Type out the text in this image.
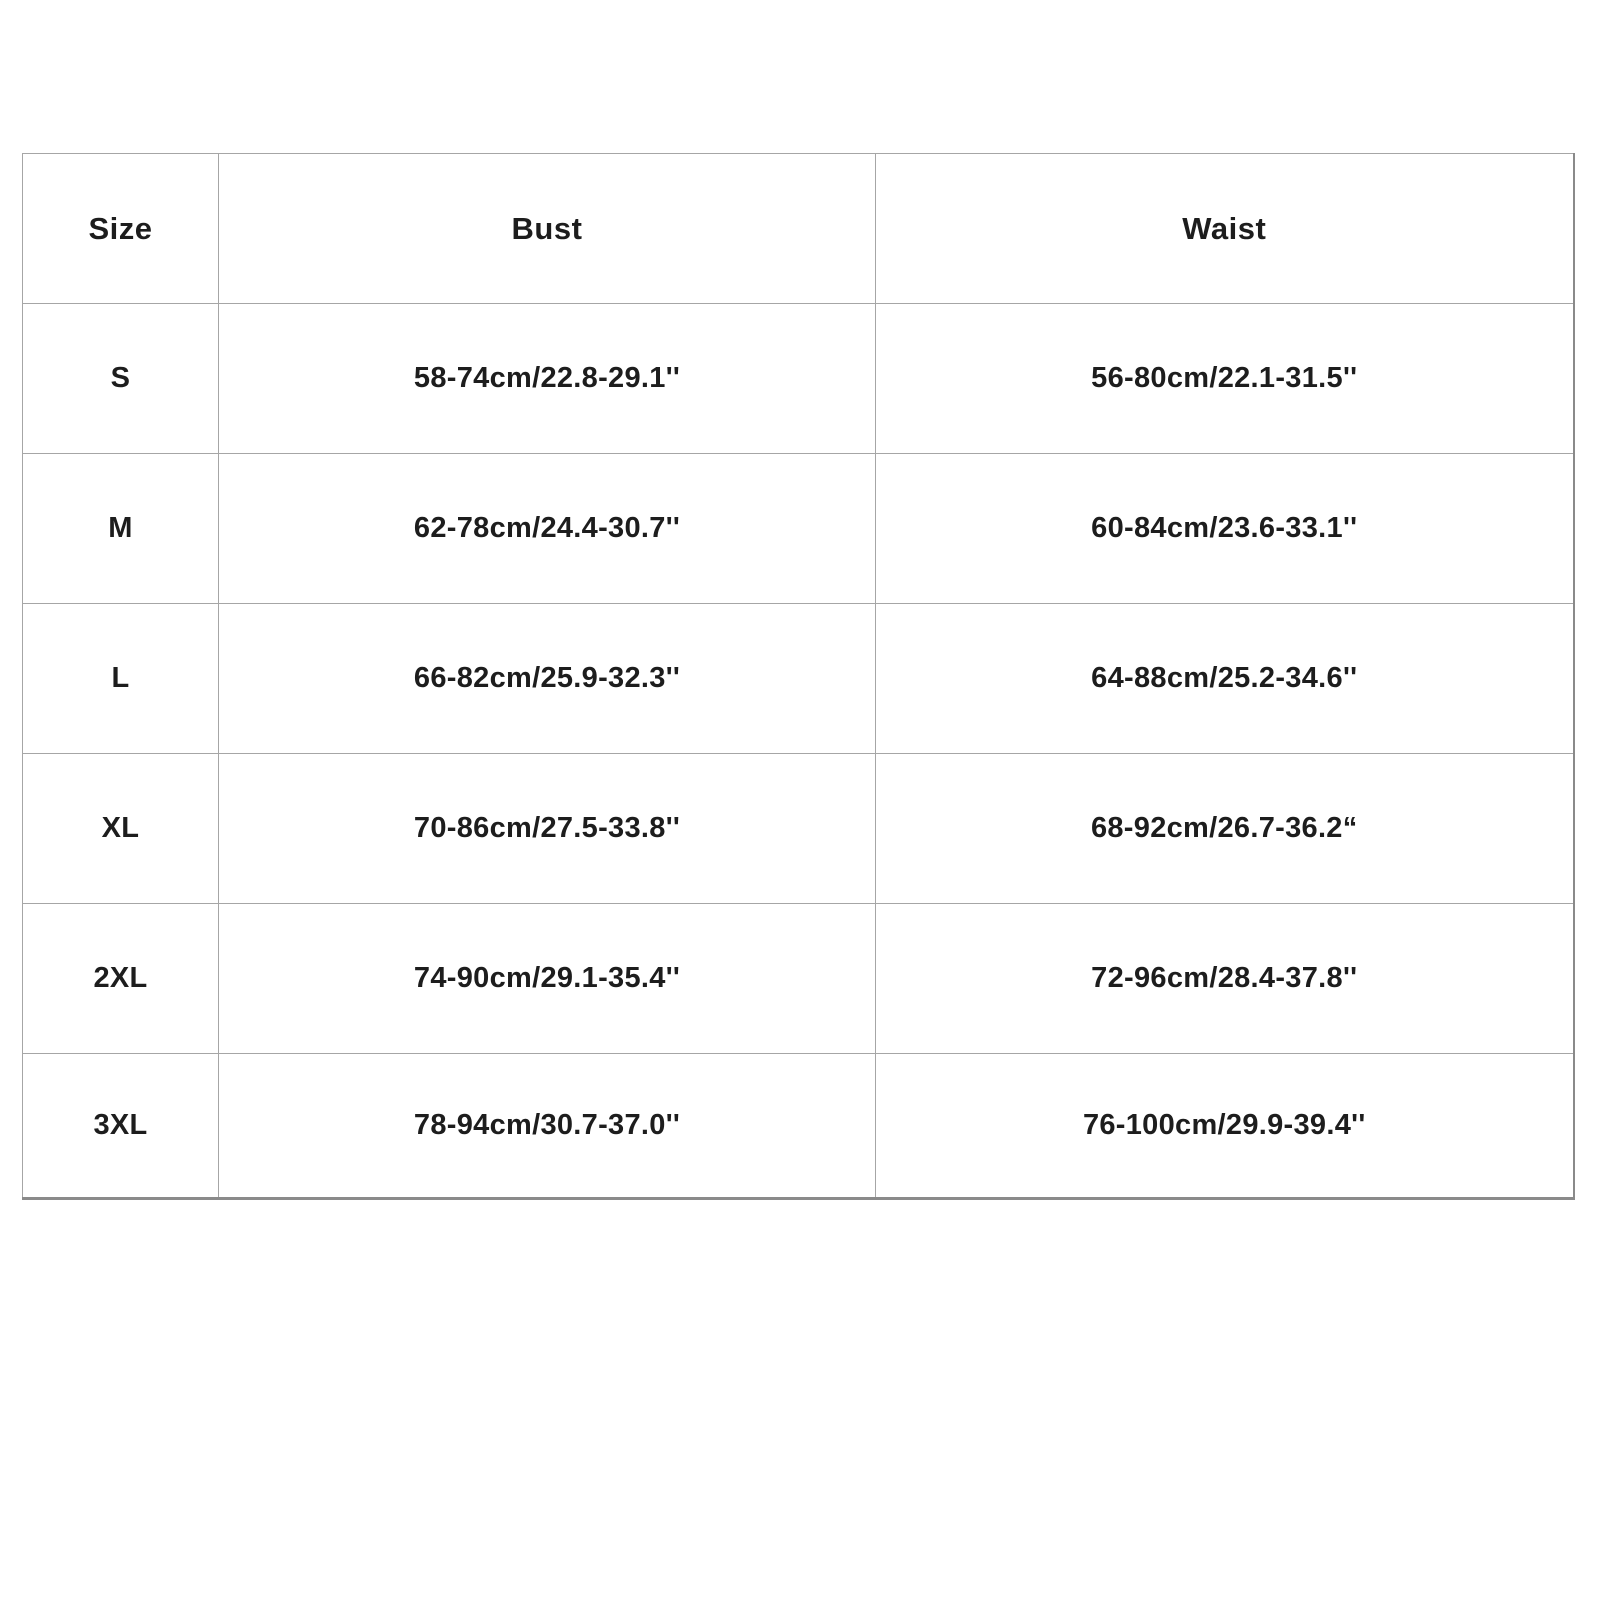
Size	Bust	Waist
S	58-74cm/22.8-29.1''	56-80cm/22.1-31.5''
M	62-78cm/24.4-30.7''	60-84cm/23.6-33.1''
L	66-82cm/25.9-32.3''	64-88cm/25.2-34.6''
XL	70-86cm/27.5-33.8''	68-92cm/26.7-36.2“
2XL	74-90cm/29.1-35.4''	72-96cm/28.4-37.8''
3XL	78-94cm/30.7-37.0''	76-100cm/29.9-39.4''
